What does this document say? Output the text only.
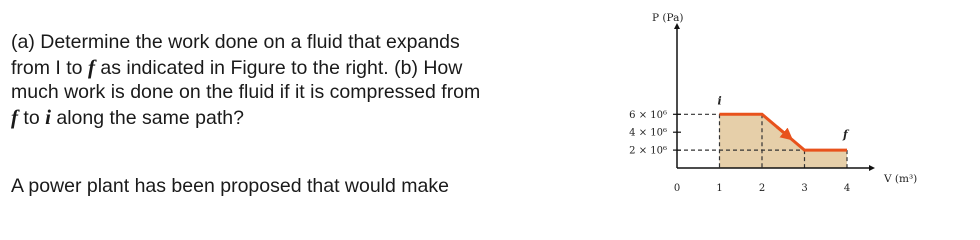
(a) Determine the work done on a fluid that expands
from I to f as indicated in Figure to the right. (b) How
much work is done on the fluid if it is compressed from
f to i along the same path?
A power plant has been proposed that would make
2 × 10⁶
4 × 10⁶
6 × 10⁶
0	1	2	3	4
P (Pa)
V (m³)
i
f
